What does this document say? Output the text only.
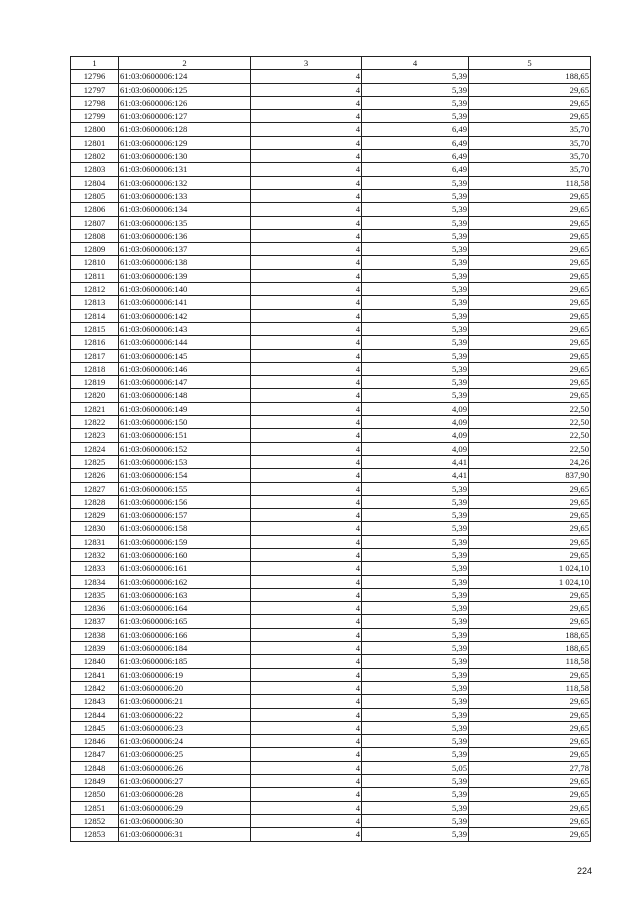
1	2	3	4	5
12796	61:03:0600006:124	4	5,39	188,65
12797	61:03:0600006:125	4	5,39	29,65
12798	61:03:0600006:126	4	5,39	29,65
12799	61:03:0600006:127	4	5,39	29,65
12800	61:03:0600006:128	4	6,49	35,70
12801	61:03:0600006:129	4	6,49	35,70
12802	61:03:0600006:130	4	6,49	35,70
12803	61:03:0600006:131	4	6,49	35,70
12804	61:03:0600006:132	4	5,39	118,58
12805	61:03:0600006:133	4	5,39	29,65
12806	61:03:0600006:134	4	5,39	29,65
12807	61:03:0600006:135	4	5,39	29,65
12808	61:03:0600006:136	4	5,39	29,65
12809	61:03:0600006:137	4	5,39	29,65
12810	61:03:0600006:138	4	5,39	29,65
12811	61:03:0600006:139	4	5,39	29,65
12812	61:03:0600006:140	4	5,39	29,65
12813	61:03:0600006:141	4	5,39	29,65
12814	61:03:0600006:142	4	5,39	29,65
12815	61:03:0600006:143	4	5,39	29,65
12816	61:03:0600006:144	4	5,39	29,65
12817	61:03:0600006:145	4	5,39	29,65
12818	61:03:0600006:146	4	5,39	29,65
12819	61:03:0600006:147	4	5,39	29,65
12820	61:03:0600006:148	4	5,39	29,65
12821	61:03:0600006:149	4	4,09	22,50
12822	61:03:0600006:150	4	4,09	22,50
12823	61:03:0600006:151	4	4,09	22,50
12824	61:03:0600006:152	4	4,09	22,50
12825	61:03:0600006:153	4	4,41	24,26
12826	61:03:0600006:154	4	4,41	837,90
12827	61:03:0600006:155	4	5,39	29,65
12828	61:03:0600006:156	4	5,39	29,65
12829	61:03:0600006:157	4	5,39	29,65
12830	61:03:0600006:158	4	5,39	29,65
12831	61:03:0600006:159	4	5,39	29,65
12832	61:03:0600006:160	4	5,39	29,65
12833	61:03:0600006:161	4	5,39	1 024,10
12834	61:03:0600006:162	4	5,39	1 024,10
12835	61:03:0600006:163	4	5,39	29,65
12836	61:03:0600006:164	4	5,39	29,65
12837	61:03:0600006:165	4	5,39	29,65
12838	61:03:0600006:166	4	5,39	188,65
12839	61:03:0600006:184	4	5,39	188,65
12840	61:03:0600006:185	4	5,39	118,58
12841	61:03:0600006:19	4	5,39	29,65
12842	61:03:0600006:20	4	5,39	118,58
12843	61:03:0600006:21	4	5,39	29,65
12844	61:03:0600006:22	4	5,39	29,65
12845	61:03:0600006:23	4	5,39	29,65
12846	61:03:0600006:24	4	5,39	29,65
12847	61:03:0600006:25	4	5,39	29,65
12848	61:03:0600006:26	4	5,05	27,78
12849	61:03:0600006:27	4	5,39	29,65
12850	61:03:0600006:28	4	5,39	29,65
12851	61:03:0600006:29	4	5,39	29,65
12852	61:03:0600006:30	4	5,39	29,65
12853	61:03:0600006:31	4	5,39	29,65
224
